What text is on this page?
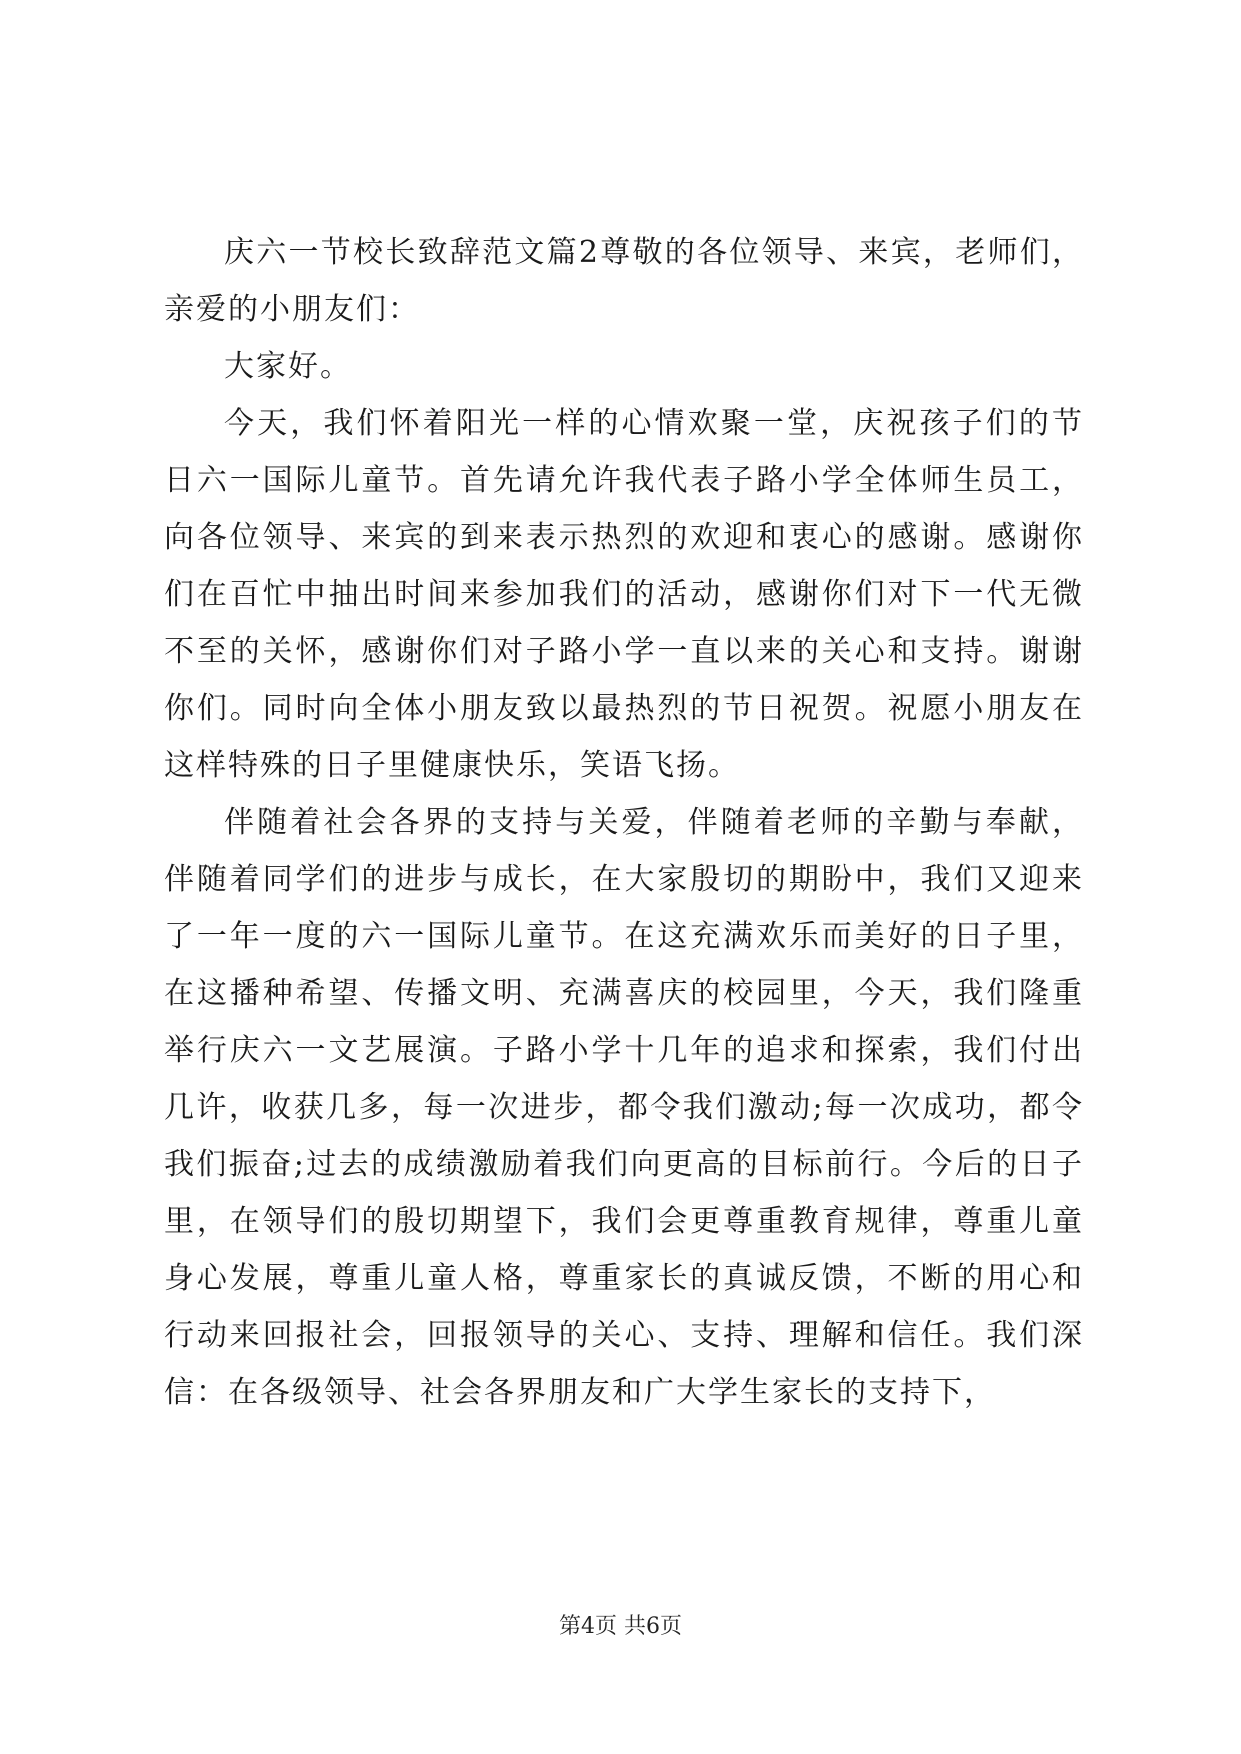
庆六一节校长致辞范文篇2尊敬的各位领导、来宾，老师们，亲爱的小朋友们：

大家好。

今天，我们怀着阳光一样的心情欢聚一堂，庆祝孩子们的节日六一国际儿童节。首先请允许我代表子路小学全体师生员工，向各位领导、来宾的到来表示热烈的欢迎和衷心的感谢。感谢你们在百忙中抽出时间来参加我们的活动，感谢你们对下一代无微不至的关怀，感谢你们对子路小学一直以来的关心和支持。谢谢你们。同时向全体小朋友致以最热烈的节日祝贺。祝愿小朋友在这样特殊的日子里健康快乐，笑语飞扬。

伴随着社会各界的支持与关爱，伴随着老师的辛勤与奉献，伴随着同学们的进步与成长，在大家殷切的期盼中，我们又迎来了一年一度的六一国际儿童节。在这充满欢乐而美好的日子里，在这播种希望、传播文明、充满喜庆的校园里，今天，我们隆重举行庆六一文艺展演。子路小学十几年的追求和探索，我们付出几许，收获几多，每一次进步，都令我们激动;每一次成功，都令我们振奋;过去的成绩激励着我们向更高的目标前行。今后的日子里，在领导们的殷切期望下，我们会更尊重教育规律，尊重儿童身心发展，尊重儿童人格，尊重家长的真诚反馈，不断的用心和行动来回报社会，回报领导的关心、支持、理解和信任。我们深信：在各级领导、社会各界朋友和广大学生家长的支持下，

第4页 共6页
